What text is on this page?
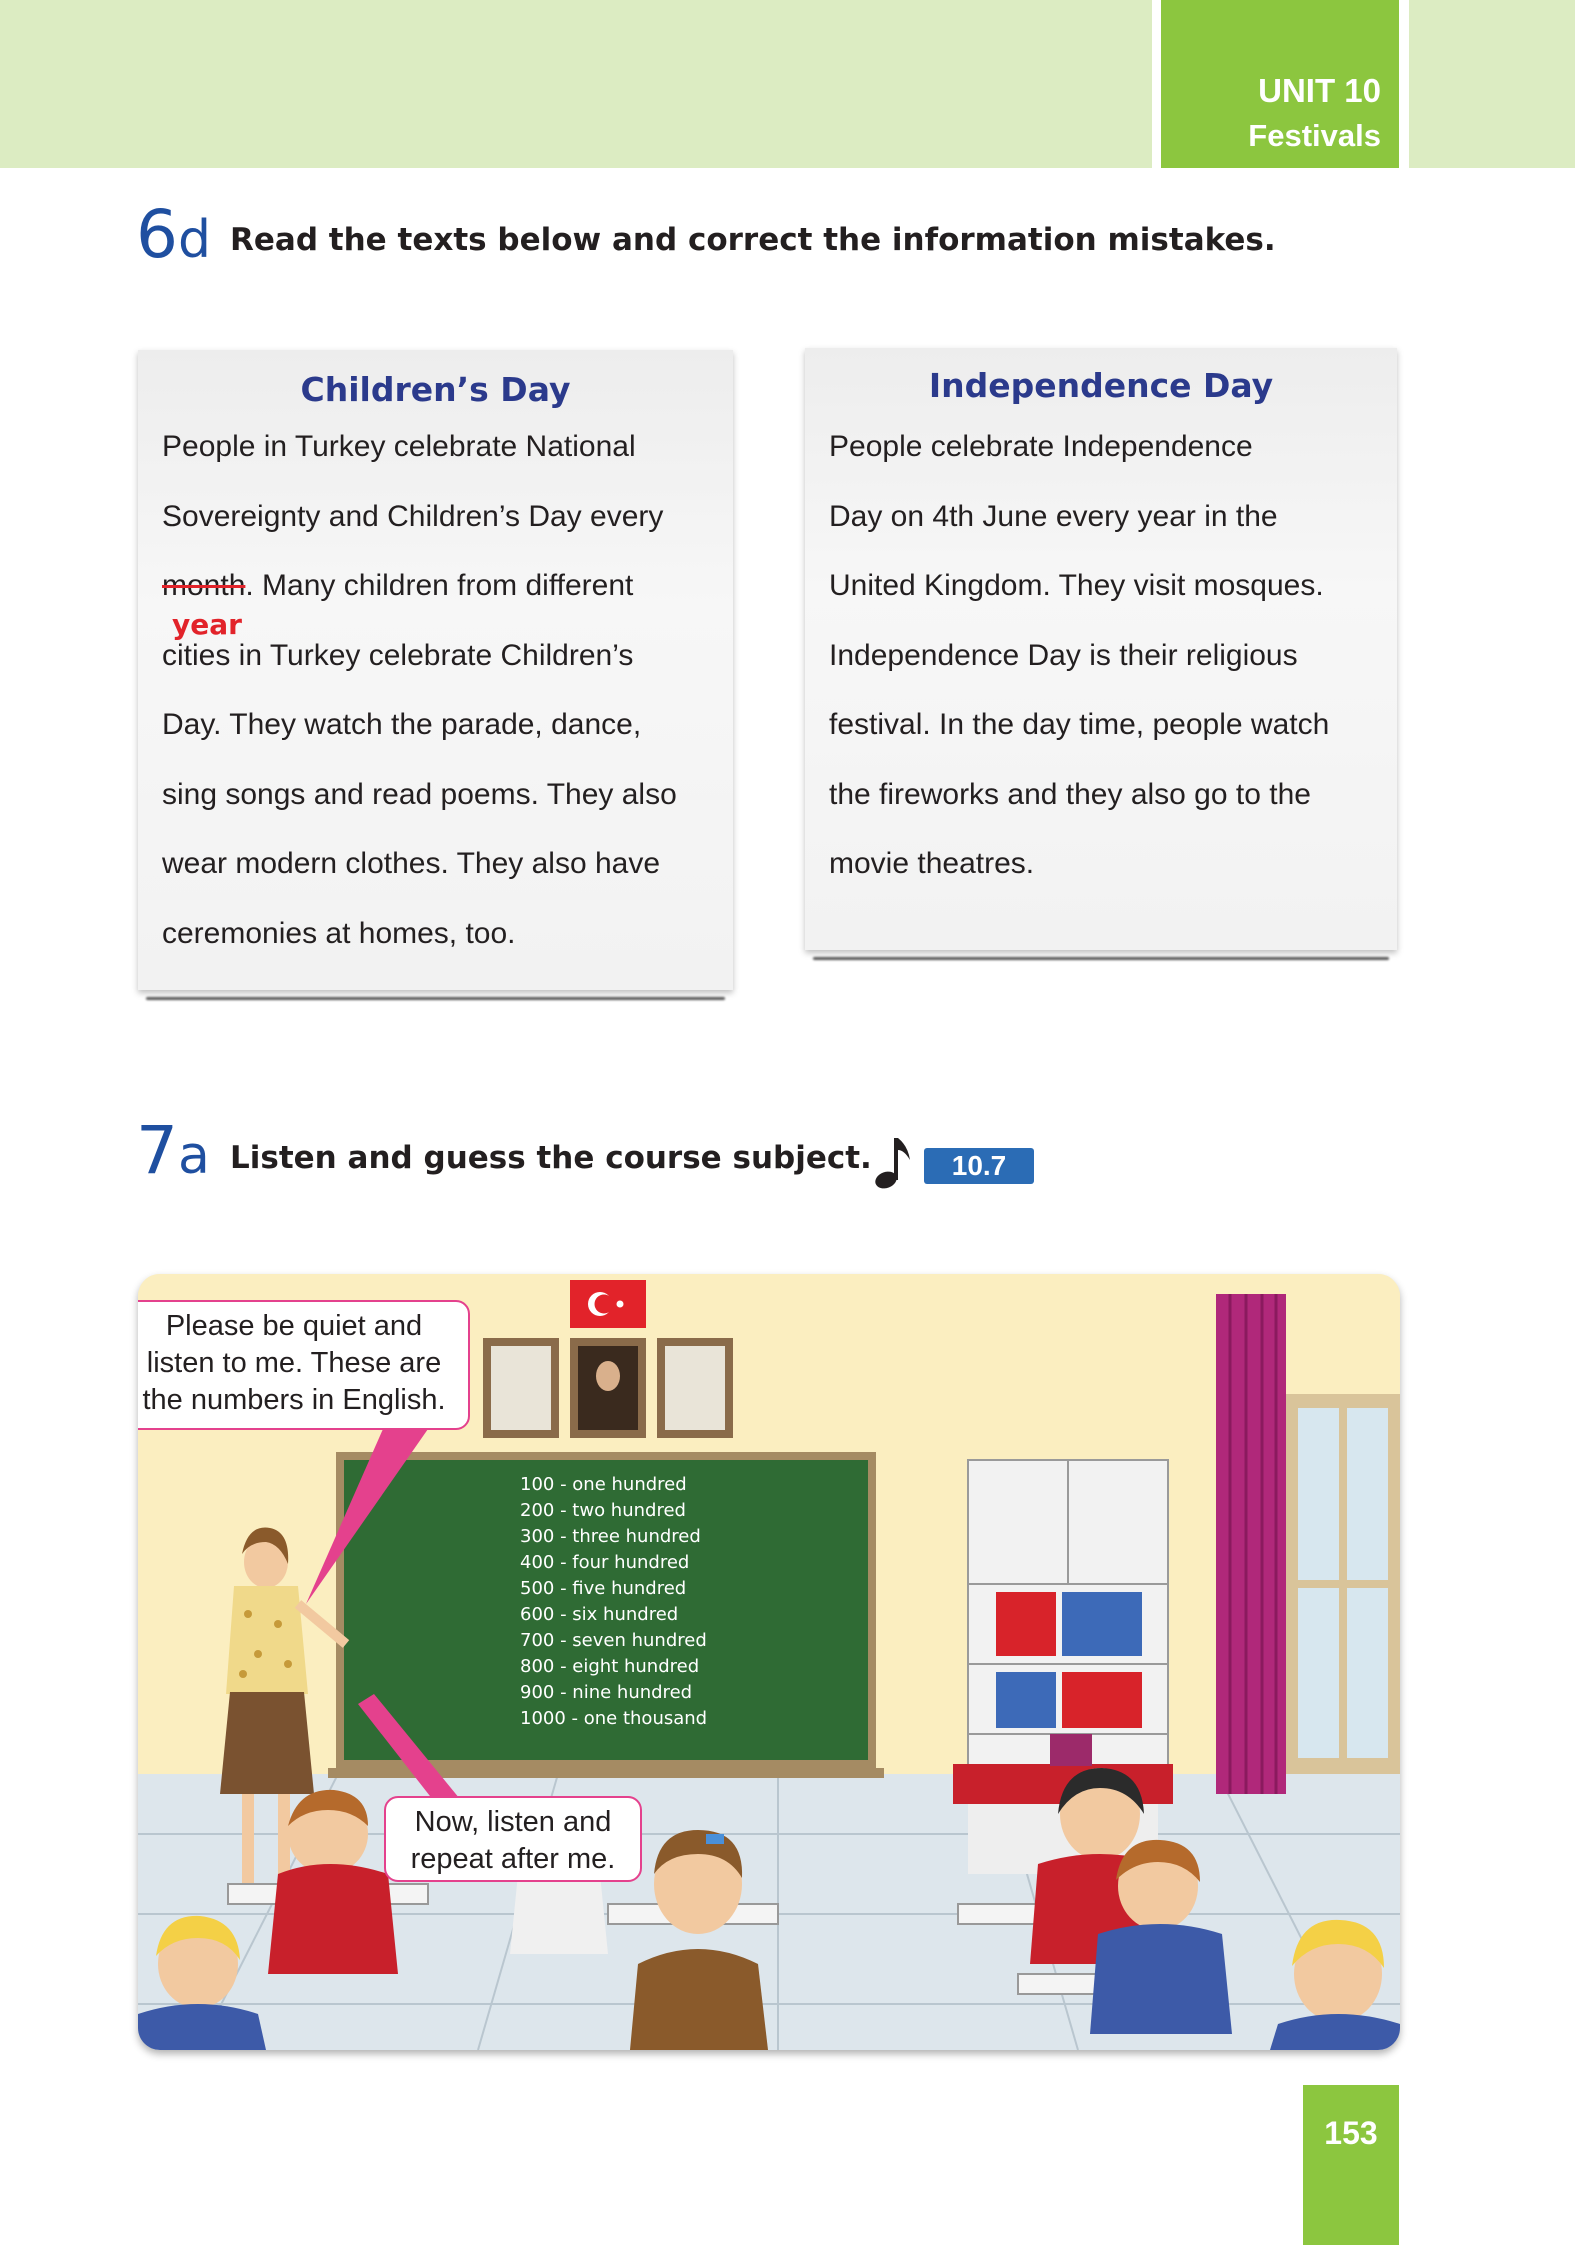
UNIT 10
Festivals
6d Read the texts below and correct the information mistakes.
Children’s Day
People in Turkey celebrate National
Sovereignty and Children’s Day every
month. Many children from different
year
cities in Turkey celebrate Children’s
Day. They watch the parade, dance,
sing songs and read poems. They also
wear modern clothes. They also have
ceremonies at homes, too.
Independence Day
People celebrate Independence
Day on 4th June every year in the
United Kingdom. They visit mosques.
Independence Day is their religious
festival. In the day time, people watch
the fireworks and they also go to the
movie theatres.
7a Listen and guess the course subject.	10.7
100 - one hundred
200 - two hundred
300 - three hundred
400 - four hundred
500 - five hundred
600 - six hundred
700 - seven hundred
800 - eight hundred
900 - nine hundred
1000 - one thousand
Please be quiet and
listen to me. These are
the numbers in English.
Now, listen and
repeat after me.
153
